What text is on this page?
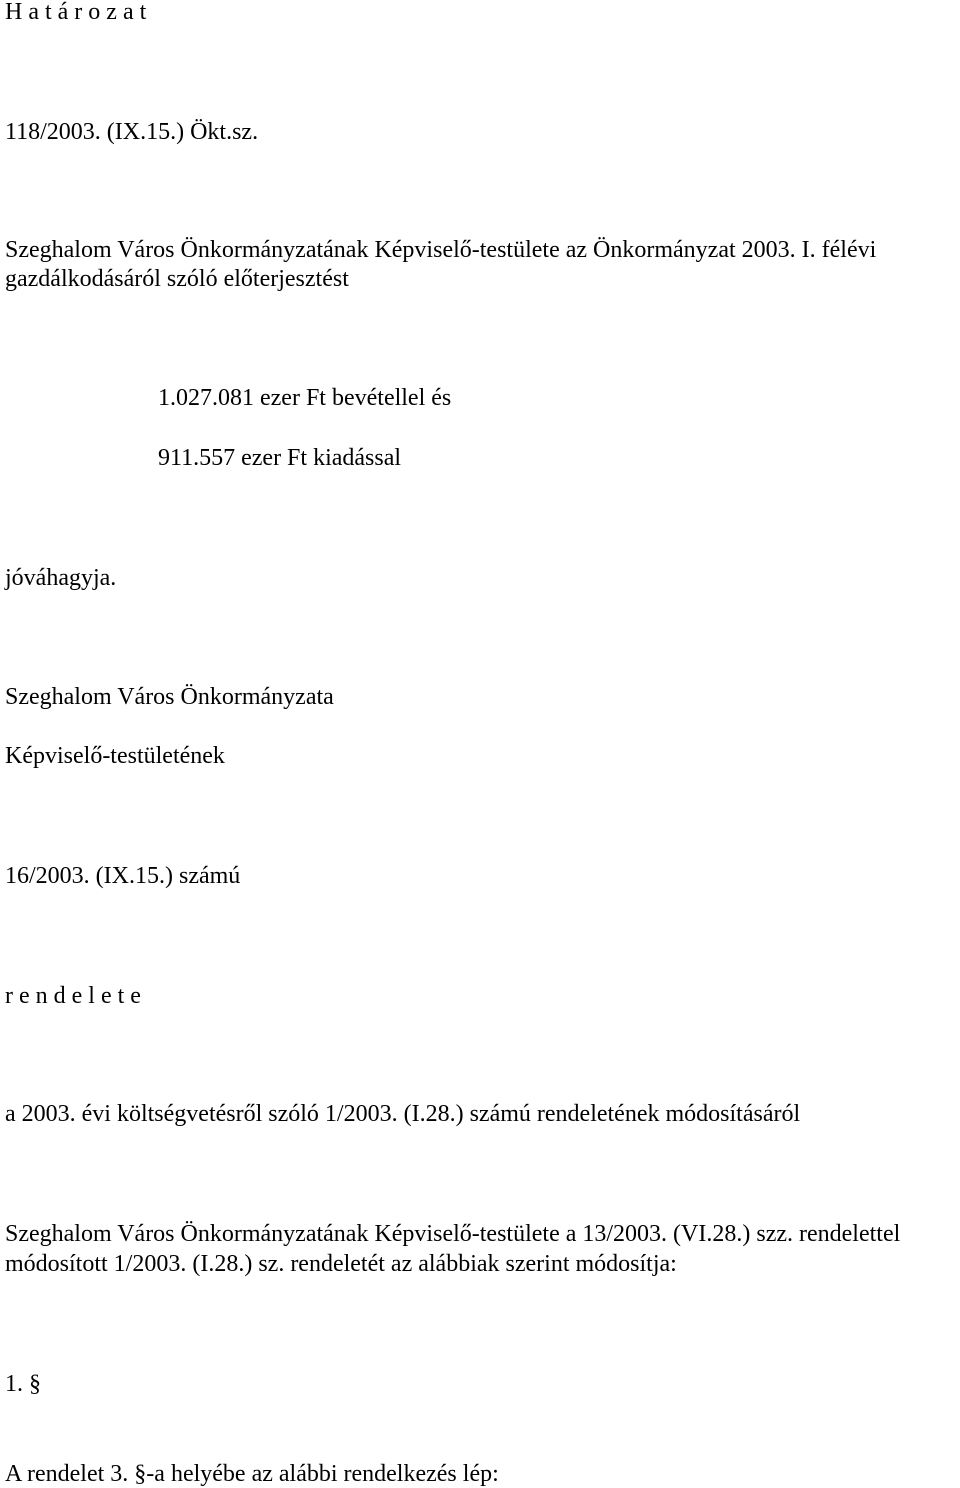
H a t á r o z a t
118/2003. (IX.15.) Ökt.sz.
Szeghalom Város Önkormányzatának Képviselő-testülete az Önkormányzat 2003. I. félévi
gazdálkodásáról szóló előterjesztést
1.027.081 ezer Ft bevétellel és
911.557 ezer Ft kiadással
jóváhagyja.
Szeghalom Város Önkormányzata
Képviselő-testületének
16/2003. (IX.15.) számú
r e n d e l e t e
a 2003. évi költségvetésről szóló 1/2003. (I.28.) számú rendeletének módosításáról
Szeghalom Város Önkormányzatának Képviselő-testülete a 13/2003. (VI.28.) szz. rendelettel
módosított 1/2003. (I.28.) sz. rendeletét az alábbiak szerint módosítja:
1. §
A rendelet 3. §-a helyébe az alábbi rendelkezés lép:
